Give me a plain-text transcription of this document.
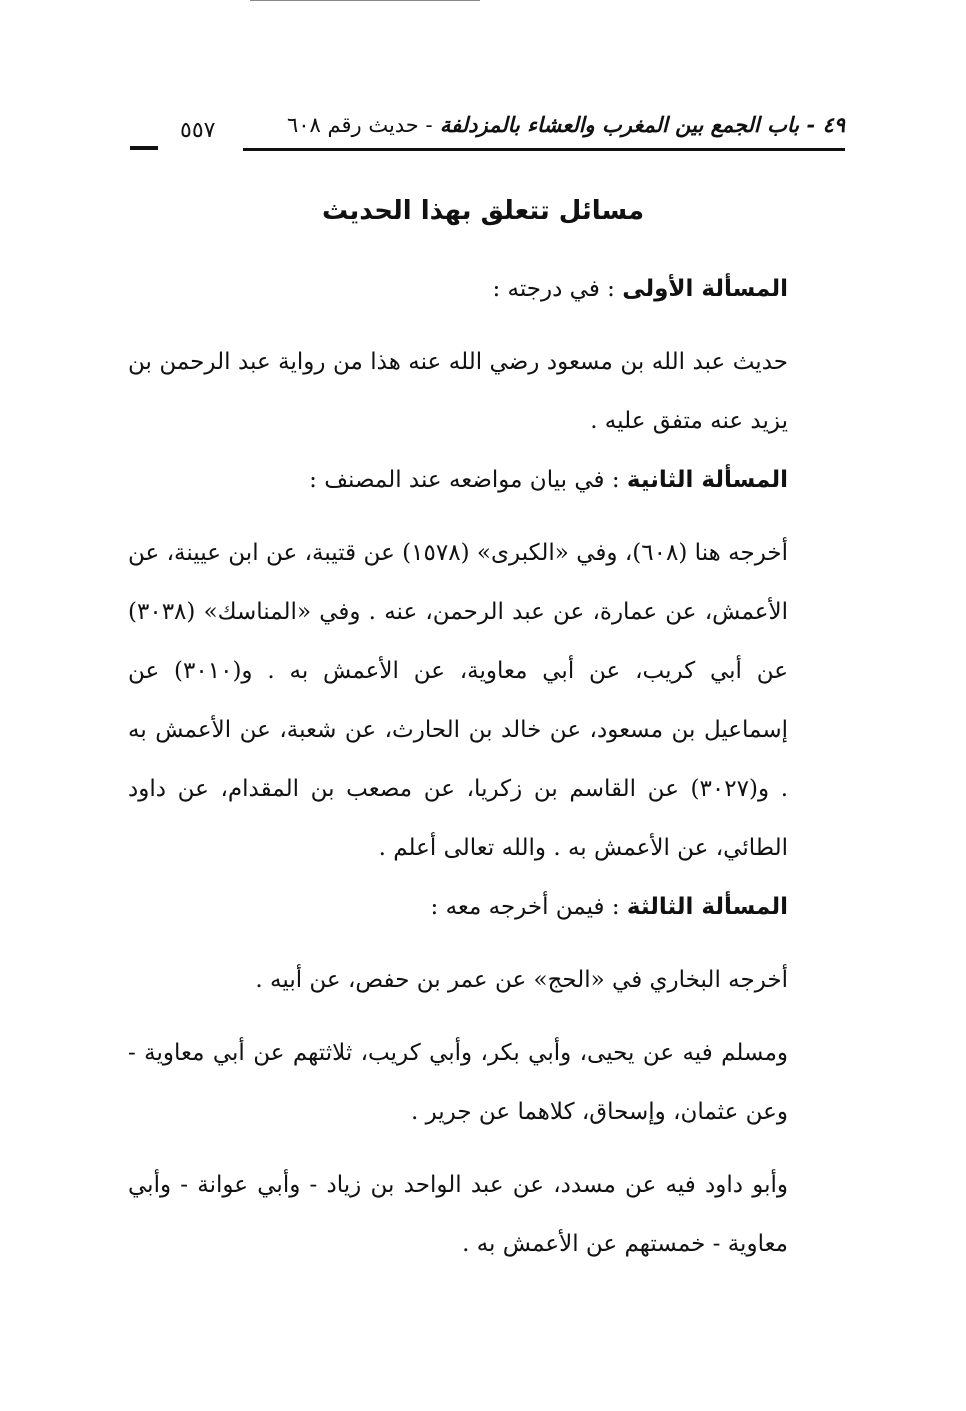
٤٩ - باب الجمع بين المغرب والعشاء بالمزدلفة - حديث رقم ٦٠٨
٥٥٧
مسائل تتعلق بهذا الحديث

المسألة الأولى : في درجته :

حديث عبد الله بن مسعود رضي الله عنه هذا من رواية عبد الرحمن بن يزيد عنه متفق عليه .

المسألة الثانية : في بيان مواضعه عند المصنف :

أخرجه هنا (٦٠٨)، وفي «الكبرى» (١٥٧٨) عن قتيبة، عن ابن عيينة، عن الأعمش، عن عمارة، عن عبد الرحمن، عنه . وفي «المناسك» (٣٠٣٨) عن أبي كريب، عن أبي معاوية، عن الأعمش به . و(٣٠١٠) عن إسماعيل بن مسعود، عن خالد بن الحارث، عن شعبة، عن الأعمش به . و(٣٠٢٧) عن القاسم بن زكريا، عن مصعب بن المقدام، عن داود الطائي، عن الأعمش به . والله تعالى أعلم .

المسألة الثالثة : فيمن أخرجه معه :

أخرجه البخاري في «الحج» عن عمر بن حفص، عن أبيه .

ومسلم فيه عن يحيى، وأبي بكر، وأبي كريب، ثلاثتهم عن أبي معاوية - وعن عثمان، وإسحاق، كلاهما عن جرير .

وأبو داود فيه عن مسدد، عن عبد الواحد بن زياد - وأبي عوانة - وأبي معاوية - خمستهم عن الأعمش به .
